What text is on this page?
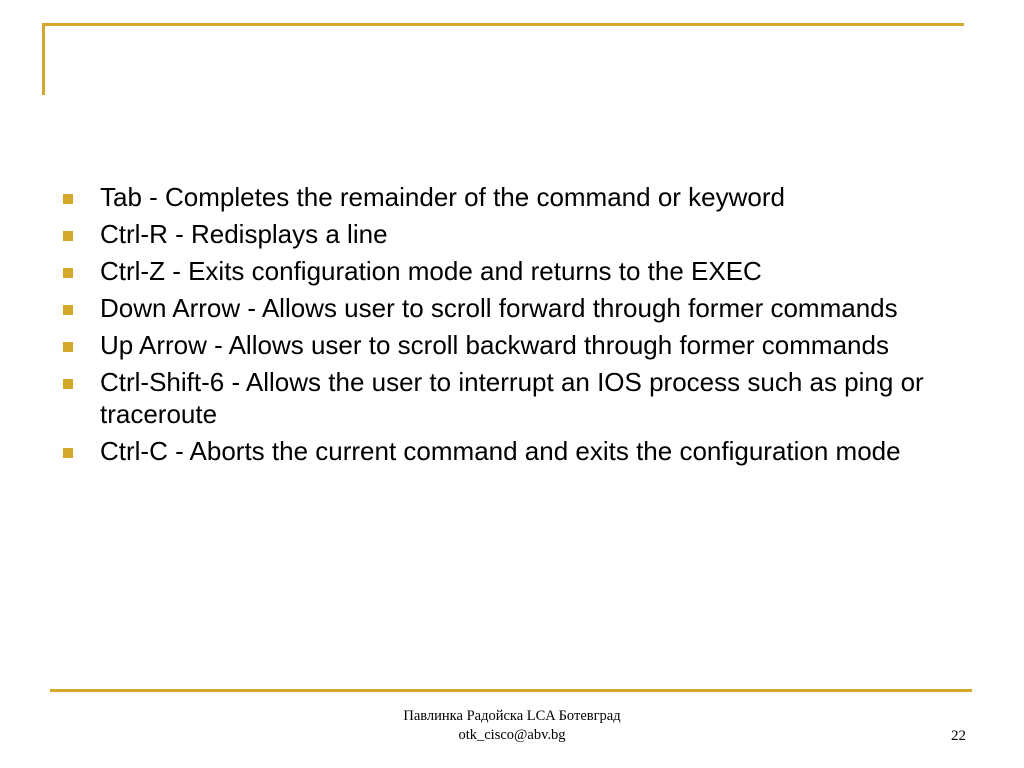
Tab - Completes the remainder of the command or keyword
Ctrl-R - Redisplays a line
Ctrl-Z - Exits configuration mode and returns to the EXEC
Down Arrow - Allows user to scroll forward through former commands
Up Arrow - Allows user to scroll backward through former commands
Ctrl-Shift-6 - Allows the user to interrupt an IOS process such as ping or traceroute
Ctrl-C - Aborts the current command and exits the configuration mode
Павлинка Радойска LCA Ботевград
otk_cisco@abv.bg	22
